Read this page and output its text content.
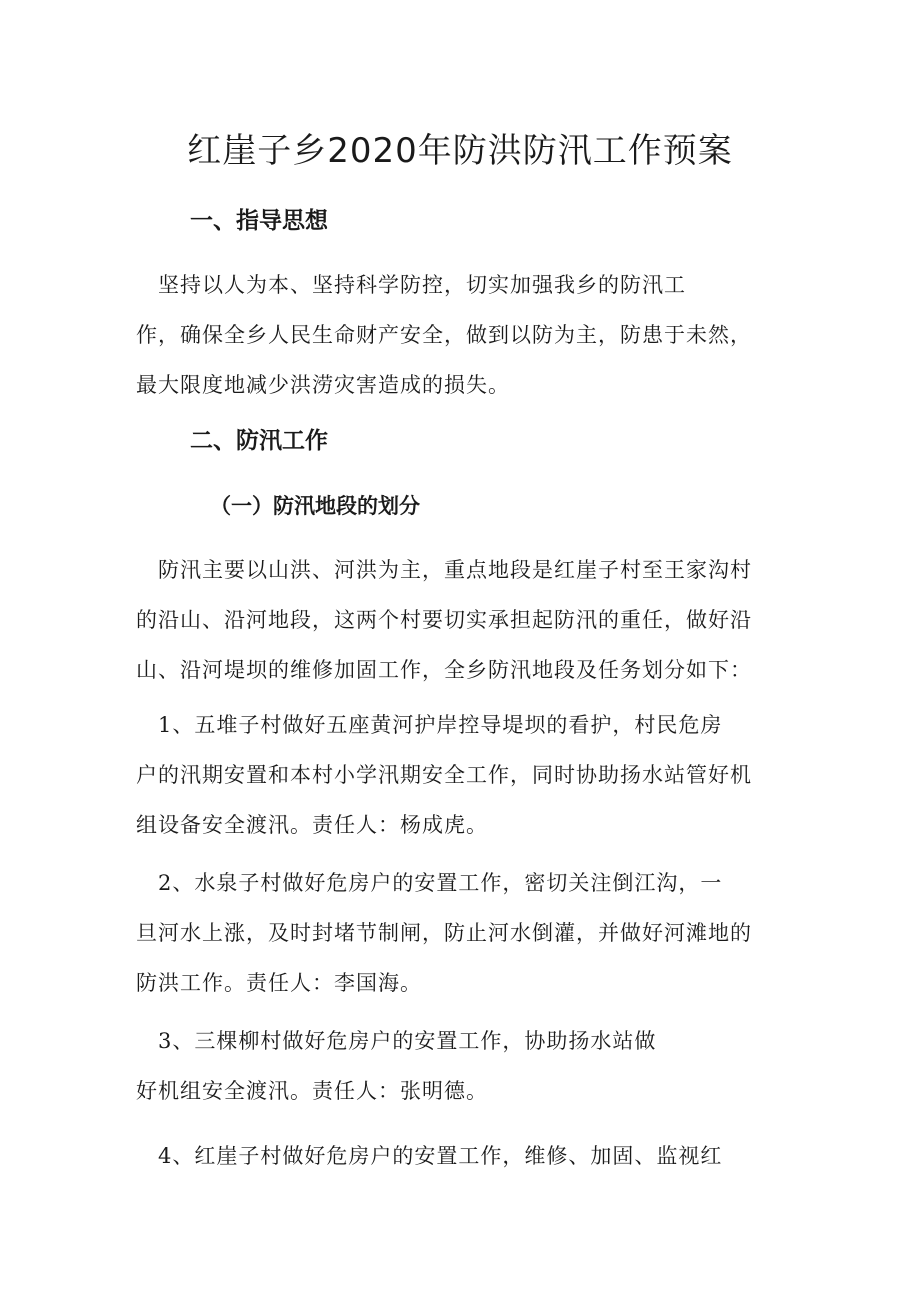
红崖子乡2020年防洪防汛工作预案
一、指导思想

　坚持以人为本、坚持科学防控，切实加强我乡的防汛工
作，确保全乡人民生命财产安全，做到以防为主，防患于未然，
最大限度地减少洪涝灾害造成的损失。

二、防汛工作
（一）防汛地段的划分

　防汛主要以山洪、河洪为主，重点地段是红崖子村至王家沟村
的沿山、沿河地段，这两个村要切实承担起防汛的重任，做好沿
山、沿河堤坝的维修加固工作，全乡防汛地段及任务划分如下：

　1、五堆子村做好五座黄河护岸控导堤坝的看护，村民危房
户的汛期安置和本村小学汛期安全工作，同时协助扬水站管好机
组设备安全渡汛。责任人：杨成虎。

　2、水泉子村做好危房户的安置工作，密切关注倒江沟，一
旦河水上涨，及时封堵节制闸，防止河水倒灌，并做好河滩地的
防洪工作。责任人：李国海。

　3、三棵柳村做好危房户的安置工作，协助扬水站做
好机组安全渡汛。责任人：张明德。

　4、红崖子村做好危房户的安置工作，维修、加固、监视红
